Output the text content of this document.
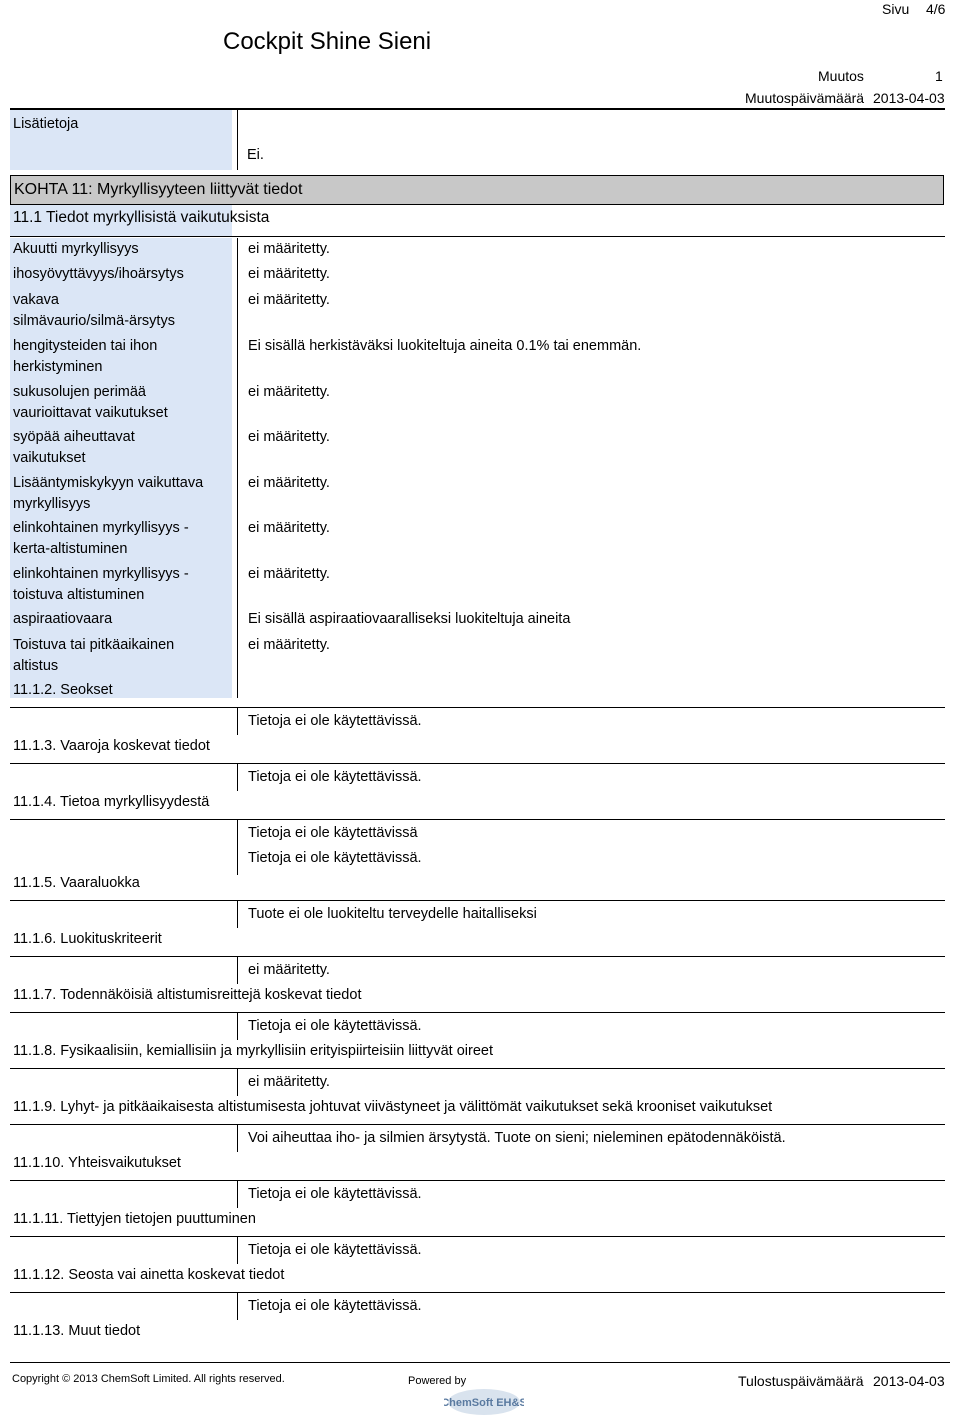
Sivu 4/6
Cockpit Shine Sieni
Muutos	1
Muutospäivämäärä 2013-04-03
Lisätietoja
Ei.
KOHTA 11: Myrkyllisyyteen liittyvät tiedot
11.1 Tiedot myrkyllisistä vaikutuksista
Akuutti myrkyllisyys
ihosyövyttävyys/ihoärsytys
vakava
silmävaurio/silmä-ärsytys
hengitysteiden tai ihon
herkistyminen
sukusolujen perimää
vaurioittavat vaikutukset
syöpää aiheuttavat
vaikutukset
Lisääntymiskykyyn vaikuttava
myrkyllisyys
elinkohtainen myrkyllisyys -
kerta-altistuminen
elinkohtainen myrkyllisyys -
toistuva altistuminen
aspiraatiovaara
Toistuva tai pitkäaikainen
altistus
11.1.2. Seokset
ei määritetty.
ei määritetty.
ei määritetty.
Ei sisällä herkistäväksi luokiteltuja aineita 0.1% tai enemmän.
ei määritetty.
ei määritetty.
ei määritetty.
ei määritetty.
ei määritetty.
Ei sisällä aspiraatiovaaralliseksi luokiteltuja aineita
ei määritetty.
Tietoja ei ole käytettävissä.
11.1.3. Vaaroja koskevat tiedot
Tietoja ei ole käytettävissä.
11.1.4. Tietoa myrkyllisyydestä
Tietoja ei ole käytettävissä
Tietoja ei ole käytettävissä.
11.1.5. Vaaraluokka
Tuote ei ole luokiteltu terveydelle haitalliseksi
11.1.6. Luokituskriteerit
ei määritetty.
11.1.7. Todennäköisiä altistumisreittejä koskevat tiedot
Tietoja ei ole käytettävissä.
11.1.8. Fysikaalisiin, kemiallisiin ja myrkyllisiin erityispiirteisiin liittyvät oireet
ei määritetty.
11.1.9. Lyhyt- ja pitkäaikaisesta altistumisesta johtuvat viivästyneet ja välittömät vaikutukset sekä krooniset vaikutukset
Voi aiheuttaa iho- ja silmien ärsytystä. Tuote on sieni; nieleminen epätodennäköistä.
11.1.10. Yhteisvaikutukset
Tietoja ei ole käytettävissä.
11.1.11. Tiettyjen tietojen puuttuminen
Tietoja ei ole käytettävissä.
11.1.12. Seosta vai ainetta koskevat tiedot
Tietoja ei ole käytettävissä.
11.1.13. Muut tiedot
Copyright © 2013 ChemSoft Limited. All rights reserved.	Powered by
ChemSoft EH&S
Tulostuspäivämäärä 2013-04-03
